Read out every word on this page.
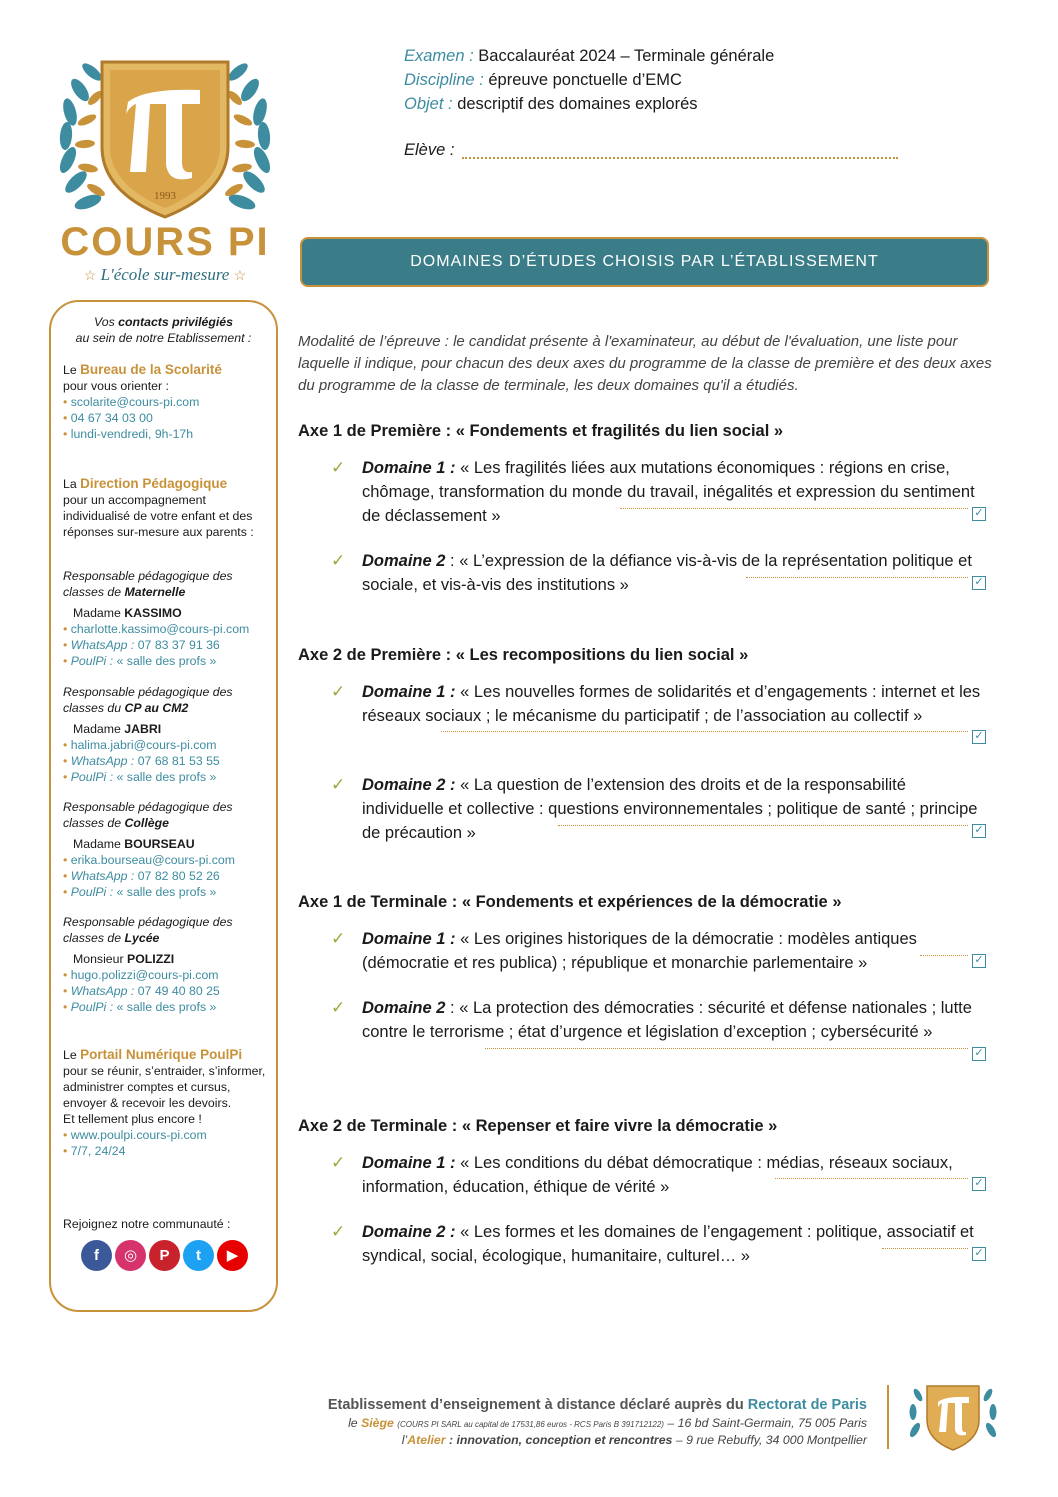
1993
COURS PI
☆ L'école sur-mesure ☆
Examen : Baccalauréat 2024 – Terminale générale
Discipline : épreuve ponctuelle d’EMC
Objet : descriptif des domaines explorés
Elève :
DOMAINES D’ÉTUDES CHOISIS PAR L’ÉTABLISSEMENT
Vos contacts privilégiés
au sein de notre Etablissement :
Le Bureau de la Scolarité
pour vous orienter :
• scolarite@cours-pi.com
• 04 67 34 03 00
• lundi-vendredi, 9h-17h
La Direction Pédagogique
pour un accompagnement individualisé de votre enfant et des réponses sur-mesure aux parents :
Responsable pédagogique des classes de Maternelle
Madame KASSIMO
• charlotte.kassimo@cours-pi.com
• WhatsApp : 07 83 37 91 36
• PoulPi : « salle des profs »
Responsable pédagogique des classes du CP au CM2
Madame JABRI
• halima.jabri@cours-pi.com
• WhatsApp : 07 68 81 53 55
• PoulPi : « salle des profs »
Responsable pédagogique des classes de Collège
Madame BOURSEAU
• erika.bourseau@cours-pi.com
• WhatsApp : 07 82 80 52 26
• PoulPi : « salle des profs »
Responsable pédagogique des classes de Lycée
Monsieur POLIZZI
• hugo.polizzi@cours-pi.com
• WhatsApp : 07 49 40 80 25
• PoulPi : « salle des profs »
Le Portail Numérique PoulPi
pour se réunir, s’entraider, s’informer, administrer comptes et cursus, envoyer & recevoir les devoirs.
Et tellement plus encore !
• www.poulpi.cours-pi.com
• 7/7, 24/24
Rejoignez notre communauté :
f	◎	P	t	▶
Modalité de l’épreuve : le candidat présente à l'examinateur, au début de l'évaluation, une liste pour laquelle il indique, pour chacun des deux axes du programme de la classe de première et des deux axes du programme de la classe de terminale, les deux domaines qu'il a étudiés.
Axe 1 de Première : « Fondements et fragilités du lien social »
✓ Domaine 1 : « Les fragilités liées aux mutations économiques : régions en crise, chômage, transformation du monde du travail, inégalités et expression du sentiment de déclassement »	✓
✓ Domaine 2 : « L’expression de la défiance vis-à-vis de la représentation politique et sociale, et vis-à-vis des institutions »	✓
Axe 2 de Première : « Les recompositions du lien social »
✓ Domaine 1 : « Les nouvelles formes de solidarités et d’engagements : internet et les réseaux sociaux ; le mécanisme du participatif ; de l’association au collectif »
✓
✓ Domaine 2 : « La question de l’extension des droits et de la responsabilité individuelle et collective : questions environnementales ; politique de santé ; principe de précaution »	✓
Axe 1 de Terminale : « Fondements et expériences de la démocratie »
✓ Domaine 1 : « Les origines historiques de la démocratie : modèles antiques (démocratie et res publica) ; république et monarchie parlementaire »	✓
✓ Domaine 2 : « La protection des démocraties : sécurité et défense nationales ; lutte contre le terrorisme ; état d’urgence et législation d’exception ; cybersécurité »
✓
Axe 2 de Terminale : « Repenser et faire vivre la démocratie »
✓ Domaine 1 : « Les conditions du débat démocratique : médias, réseaux sociaux, information, éducation, éthique de vérité »	✓
✓ Domaine 2 : « Les formes et les domaines de l’engagement : politique, associatif et syndical, social, écologique, humanitaire, culturel… »	✓
Etablissement d’enseignement à distance déclaré auprès du Rectorat de Paris
le Siège (COURS PI SARL au capital de 17531,86 euros - RCS Paris B 391712122) – 16 bd Saint-Germain, 75 005 Paris
l’Atelier : innovation, conception et rencontres – 9 rue Rebuffy, 34 000 Montpellier
